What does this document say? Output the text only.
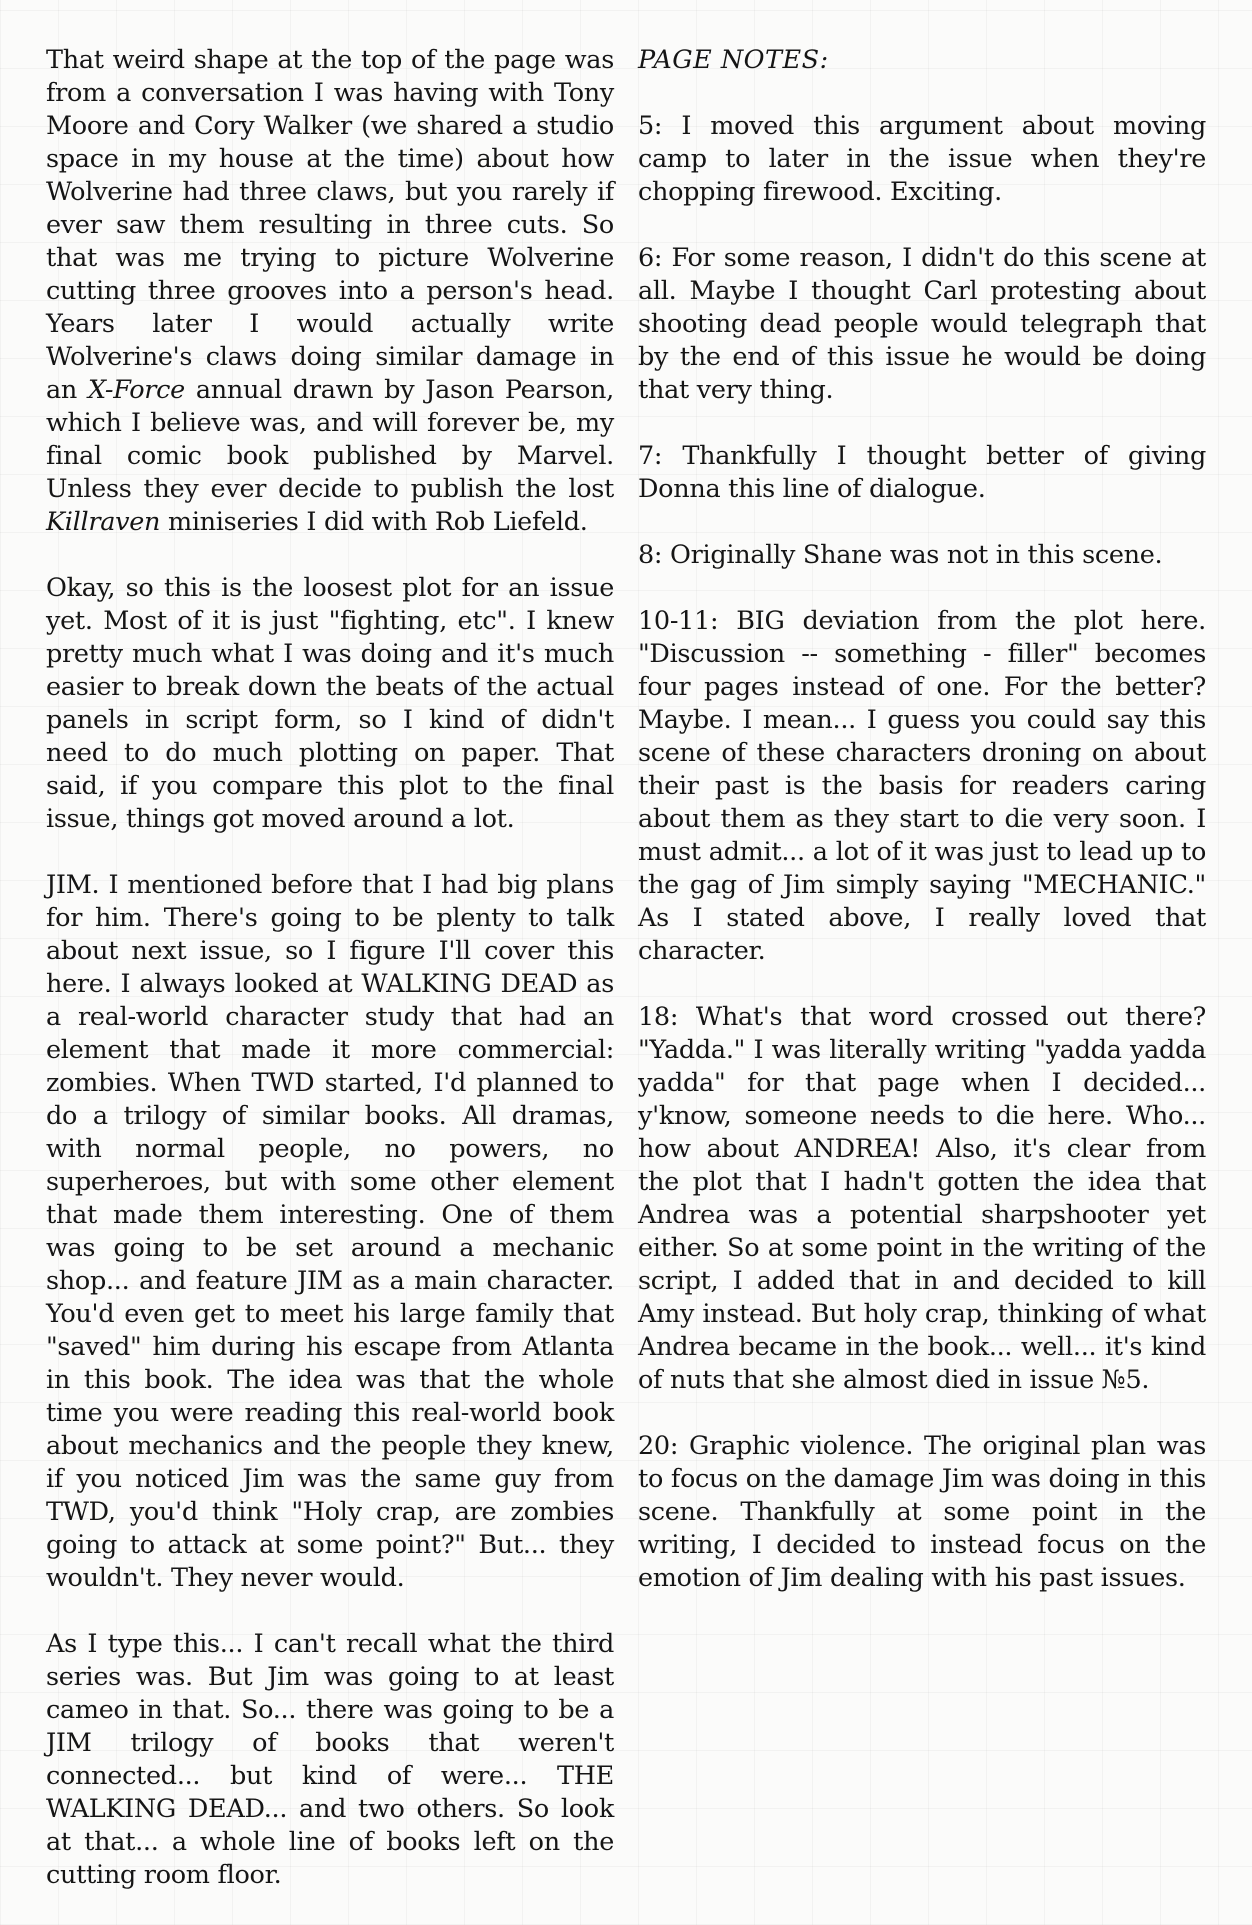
That weird shape at the top of the page was from a conversation I was having with Tony Moore and Cory Walker (we shared a studio space in my house at the time) about how Wolverine had three claws, but you rarely if ever saw them resulting in three cuts. So that was me trying to picture Wolverine cutting three grooves into a person's head. Years later I would actually write Wolverine's claws doing similar damage in an X-Force annual drawn by Jason Pearson, which I believe was, and will forever be, my final comic book published by Marvel. Unless they ever decide to publish the lost Killraven miniseries I did with Rob Liefeld.

Okay, so this is the loosest plot for an issue yet. Most of it is just "fighting, etc". I knew pretty much what I was doing and it's much easier to break down the beats of the actual panels in script form, so I kind of didn't need to do much plotting on paper. That said, if you compare this plot to the final issue, things got moved around a lot.

JIM. I mentioned before that I had big plans for him. There's going to be plenty to talk about next issue, so I figure I'll cover this here. I always looked at WALKING DEAD as a real-world character study that had an element that made it more commercial: zombies. When TWD started, I'd planned to do a trilogy of similar books. All dramas, with normal people, no powers, no superheroes, but with some other element that made them interesting. One of them was going to be set around a mechanic shop... and feature JIM as a main character. You'd even get to meet his large family that "saved" him during his escape from Atlanta in this book. The idea was that the whole time you were reading this real-world book about mechanics and the people they knew, if you noticed Jim was the same guy from TWD, you'd think "Holy crap, are zombies going to attack at some point?" But... they wouldn't. They never would.

As I type this... I can't recall what the third series was. But Jim was going to at least cameo in that. So... there was going to be a JIM trilogy of books that weren't connected... but kind of were... THE WALKING DEAD... and two others. So look at that... a whole line of books left on the cutting room floor.

PAGE NOTES:

5: I moved this argument about moving camp to later in the issue when they're chopping firewood. Exciting.

6: For some reason, I didn't do this scene at all. Maybe I thought Carl protesting about shooting dead people would telegraph that by the end of this issue he would be doing that very thing.

7: Thankfully I thought better of giving Donna this line of dialogue.

8: Originally Shane was not in this scene.

10-11: BIG deviation from the plot here. "Discussion -- something - filler" becomes four pages instead of one. For the better? Maybe. I mean... I guess you could say this scene of these characters droning on about their past is the basis for readers caring about them as they start to die very soon. I must admit... a lot of it was just to lead up to the gag of Jim simply saying "MECHANIC." As I stated above, I really loved that character.

18: What's that word crossed out there? "Yadda." I was literally writing "yadda yadda yadda" for that page when I decided... y'know, someone needs to die here. Who... how about ANDREA! Also, it's clear from the plot that I hadn't gotten the idea that Andrea was a potential sharpshooter yet either. So at some point in the writing of the script, I added that in and decided to kill Amy instead. But holy crap, thinking of what Andrea became in the book... well... it's kind of nuts that she almost died in issue №5.

20: Graphic violence. The original plan was to focus on the damage Jim was doing in this scene. Thankfully at some point in the writing, I decided to instead focus on the emotion of Jim dealing with his past issues.
